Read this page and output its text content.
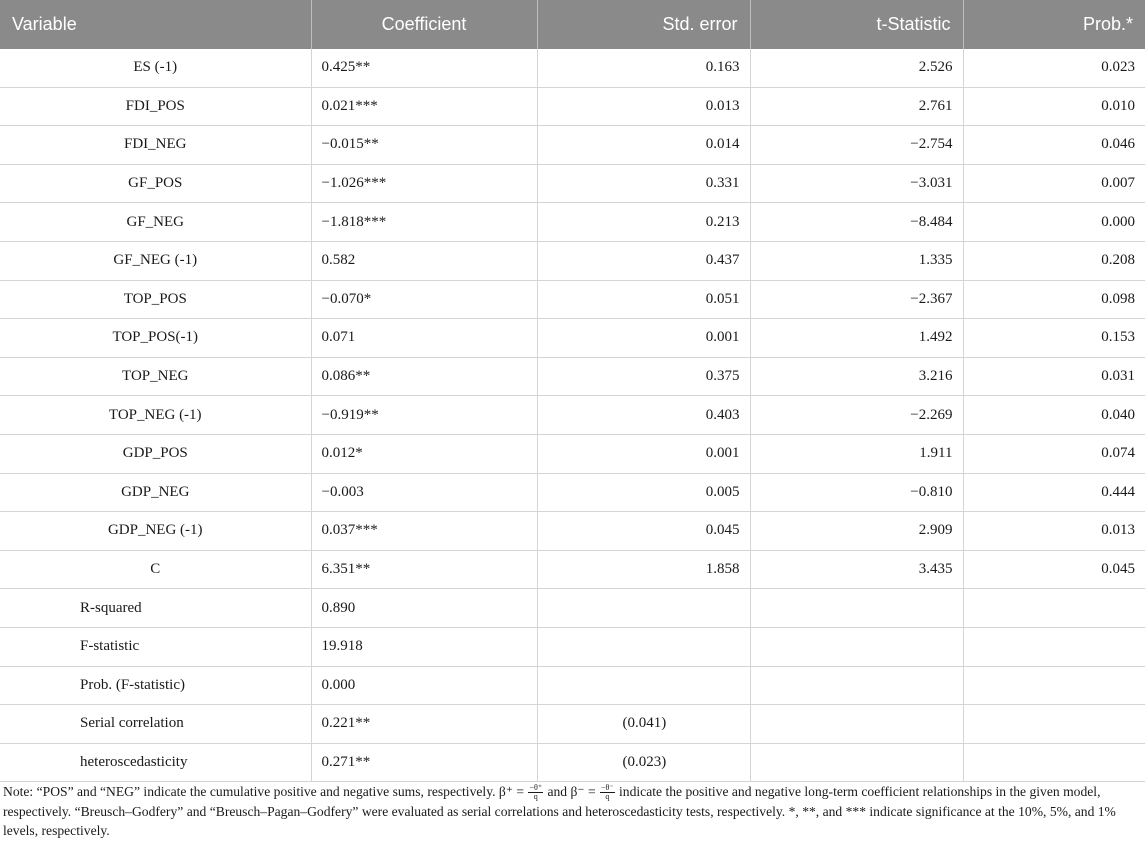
Variable	Coefficient	Std. error	t-Statistic	Prob.*
ES (-1)	0.425**	0.163	2.526	0.023
FDI_POS	0.021***	0.013	2.761	0.010
FDI_NEG	−0.015**	0.014	−2.754	0.046
GF_POS	−1.026***	0.331	−3.031	0.007
GF_NEG	−1.818***	0.213	−8.484	0.000
GF_NEG (-1)	0.582	0.437	1.335	0.208
TOP_POS	−0.070*	0.051	−2.367	0.098
TOP_POS(-1)	0.071	0.001	1.492	0.153
TOP_NEG	0.086**	0.375	3.216	0.031
TOP_NEG (-1)	−0.919**	0.403	−2.269	0.040
GDP_POS	0.012*	0.001	1.911	0.074
GDP_NEG	−0.003	0.005	−0.810	0.444
GDP_NEG (-1)	0.037***	0.045	2.909	0.013
C	6.351**	1.858	3.435	0.045
R-squared	0.890			
F-statistic	19.918			
Prob. (F-statistic)	0.000			
Serial correlation	0.221**	(0.041)		
heteroscedasticity	0.271**	(0.023)		
Note: “POS” and “NEG” indicate the cumulative positive and negative sums, respectively. $\beta^+ = \frac{-\theta^+}{q}$ and $\beta^- = \frac{-\theta^-}{q}$ indicate the positive and negative long-term coefficient relationships in the given model, respectively. “Breusch–Godfery” and “Breusch–Pagan–Godfery” were evaluated as serial correlations and heteroscedasticity tests, respectively. *, **, and *** indicate significance at the 10%, 5%, and 1% levels, respectively.
